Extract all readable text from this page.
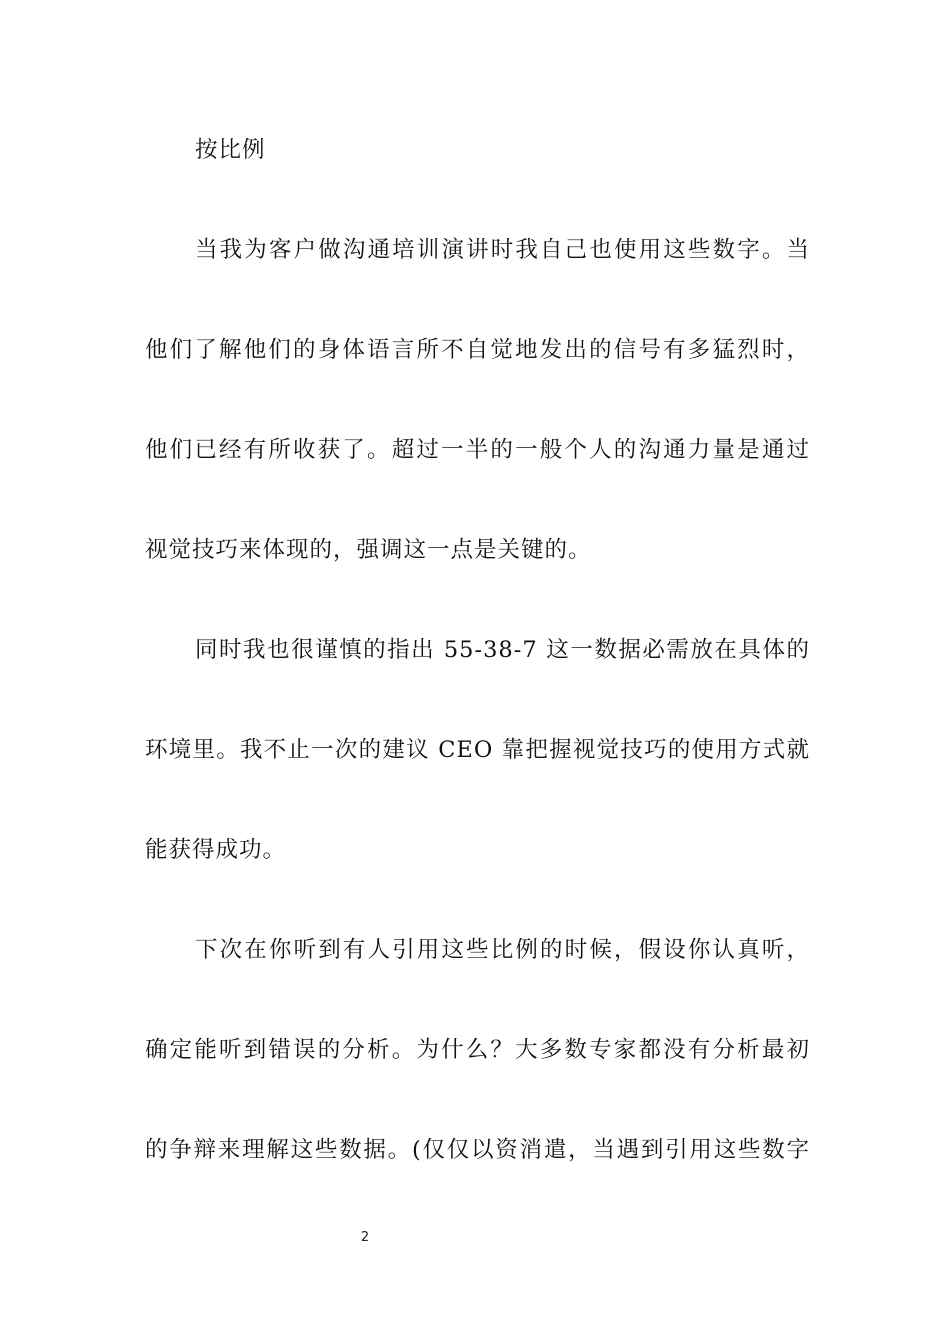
按比例

当我为客户做沟通培训演讲时我自己也使用这些数字。当
他们了解他们的身体语言所不自觉地发出的信号有多猛烈时，
他们已经有所收获了。超过一半的一般个人的沟通力量是通过
视觉技巧来体现的，强调这一点是关键的。

同时我也很谨慎的指出 55-38-7 这一数据必需放在具体的
环境里。我不止一次的建议 CEO 靠把握视觉技巧的使用方式就
能获得成功。

下次在你听到有人引用这些比例的时候，假设你认真听，
确定能听到错误的分析。为什么？大多数专家都没有分析最初
的争辩来理解这些数据。(仅仅以资消遣，当遇到引用这些数字

2
